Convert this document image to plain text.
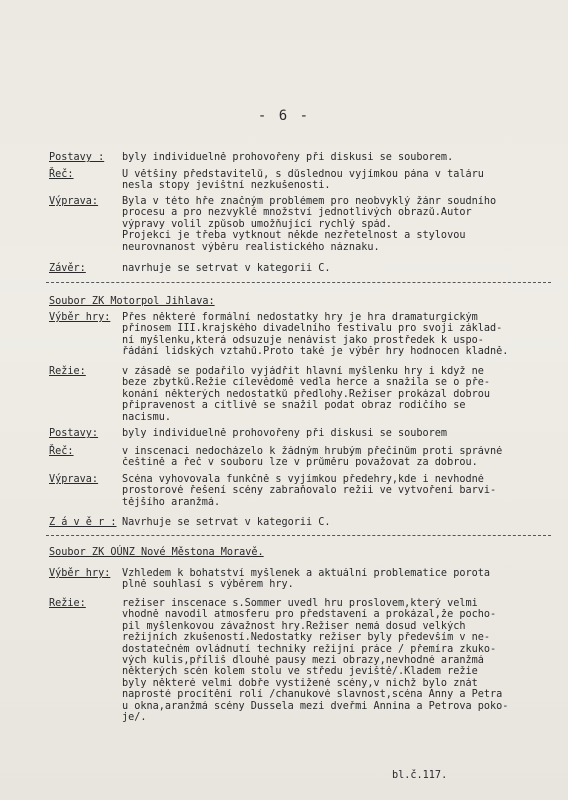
- 6 -
Postavy : byly individuelně prohovořeny při diskusi se souborem.
Řeč:	U většiny představitelů, s důslednou vyjímkou pána v taláru
nesla stopy jevištní nezkušenosti.
Výprava: Byla v této hře značným problémem pro neobvyklý žánr soudního
procesu a pro nezvyklé množství jednotlivých obrazů.Autor
výpravy volil způsob umožňující rychlý spád.
Projekci je třeba vytknout někde nezřetelnost a stylovou
neurovnanost výběru realistického náznaku.
Závěr:	navrhuje se setrvat v kategorii C.
Soubor ZK Motorpol Jihlava:
Výběr hry: Přes některé formální nedostatky hry je hra dramaturgickým
přínosem III.krajského divadelního festivalu pro svoji základ-
ní myšlenku,která odsuzuje nenávist jako prostředek k uspo-
řádání lidských vztahů.Proto také je výběr hry hodnocen kladně.
Režie:	v zásadě se podařilo vyjádřit hlavní myšlenku hry i když ne
beze zbytků.Režie cílevědomě vedla herce a snažila se o pře-
konání některých nedostatků předlohy.Režiser prokázal dobrou
připravenost a citlivě se snažil podat obraz rodičího se
nacismu.
Postavy: byly individuelně prohovořeny při diskusi se souborem
Řeč:	v inscenaci nedocházelo k žádným hrubým přečinům proti správné
češtině a řeč v souboru lze v průměru považovat za dobrou.
Výprava: Scéna vyhovovala funkčně s vyjímkou předehry,kde i nevhodné
prostorové řešení scény zabraňovalo režii ve vytvoření barvi-
tějšího aranžmá.
Z á v ě r : Navrhuje se setrvat v kategorii C.
Soubor ZK OÚNZ Nové Městona Moravě.
Výběr hry: Vzhledem k bohatství myšlenek a aktuální problematice porota
plně souhlasí s výběrem hry.
Režie:	režiser inscenace s.Sommer uvedl hru proslovem,který velmi
vhodně navodil atmosferu pro představení a prokázal,že pocho-
pil myšlenkovou závažnost hry.Režiser nemá dosud velkých
režijních zkušeností.Nedostatky režiser byly především v ne-
dostatečném ovládnutí techniky režijní práce / přemíra zkuko-
vých kulis,příliš dlouhé pausy mezi obrazy,nevhodné aranžmá
některých scén kolem stolu ve středu jeviště/.Kladem režie
byly některé velmi dobře vystižené scény,v nichž bylo znát
naprosté procítění rolí /chanukové slavnost,scéna Anny a Petra
u okna,aranžmá scény Dussela mezi dveřmi Annina a Petrova poko-
je/.
bl.č.117.
